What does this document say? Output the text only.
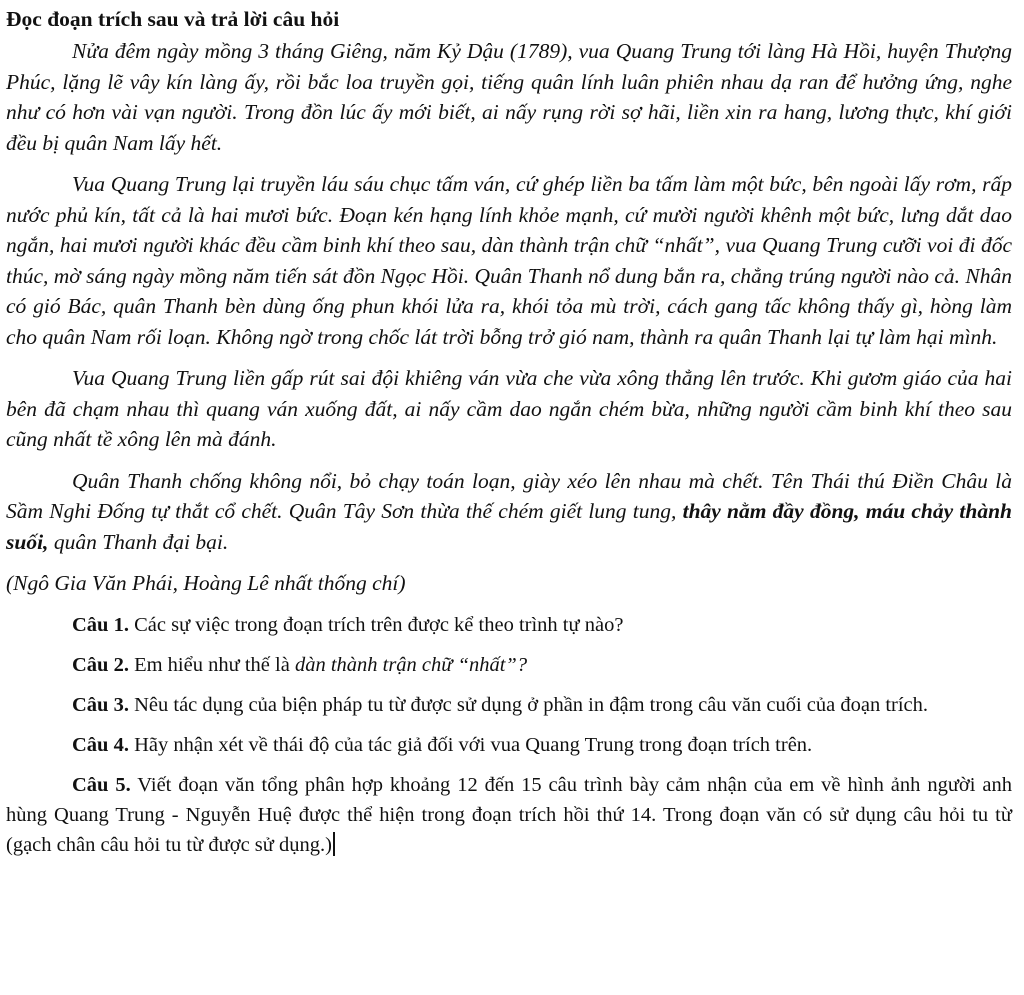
Đọc đoạn trích sau và trả lời câu hỏi

Nửa đêm ngày mồng 3 tháng Giêng, năm Kỷ Dậu (1789), vua Quang Trung tới làng Hà Hồi, huyện Thượng Phúc, lặng lẽ vây kín làng ấy, rồi bắc loa truyền gọi, tiếng quân lính luân phiên nhau dạ ran để hưởng ứng, nghe như có hơn vài vạn người. Trong đồn lúc ấy mới biết, ai nấy rụng rời sợ hãi, liền xin ra hang, lương thực, khí giới đều bị quân Nam lấy hết.

Vua Quang Trung lại truyền láu sáu chục tấm ván, cứ ghép liền ba tấm làm một bức, bên ngoài lấy rơm, rấp nước phủ kín, tất cả là hai mươi bức. Đoạn kén hạng lính khỏe mạnh, cứ mười người khênh một bức, lưng dắt dao ngắn, hai mươi người khác đều cầm binh khí theo sau, dàn thành trận chữ “nhất”, vua Quang Trung cưỡi voi đi đốc thúc, mờ sáng ngày mồng năm tiến sát đồn Ngọc Hồi. Quân Thanh nổ dung bắn ra, chẳng trúng người nào cả. Nhân có gió Bác, quân Thanh bèn dùng ống phun khói lửa ra, khói tỏa mù trời, cách gang tấc không thấy gì, hòng làm cho quân Nam rối loạn. Không ngờ trong chốc lát trời bỗng trở gió nam, thành ra quân Thanh lại tự làm hại mình.

Vua Quang Trung liền gấp rút sai đội khiêng ván vừa che vừa xông thẳng lên trước. Khi gươm giáo của hai bên đã chạm nhau thì quang ván xuống đất, ai nấy cầm dao ngắn chém bừa, những người cầm binh khí theo sau cũng nhất tề xông lên mà đánh.

Quân Thanh chống không nổi, bỏ chạy toán loạn, giày xéo lên nhau mà chết. Tên Thái thú Điền Châu là Sầm Nghi Đống tự thắt cổ chết. Quân Tây Sơn thừa thế chém giết lung tung, thây nằm đầy đồng, máu chảy thành suối, quân Thanh đại bại.

(Ngô Gia Văn Phái, Hoàng Lê nhất thống chí)

Câu 1. Các sự việc trong đoạn trích trên được kể theo trình tự nào?

Câu 2. Em hiểu như thế là dàn thành trận chữ “nhất”?

Câu 3. Nêu tác dụng của biện pháp tu từ được sử dụng ở phần in đậm trong câu văn cuối của đoạn trích.

Câu 4. Hãy nhận xét về thái độ của tác giả đối với vua Quang Trung trong đoạn trích trên.

Câu 5. Viết đoạn văn tổng phân hợp khoảng 12 đến 15 câu trình bày cảm nhận của em về hình ảnh người anh hùng Quang Trung - Nguyễn Huệ được thể hiện trong đoạn trích hồi thứ 14. Trong đoạn văn có sử dụng câu hỏi tu từ (gạch chân câu hỏi tu từ được sử dụng.)
